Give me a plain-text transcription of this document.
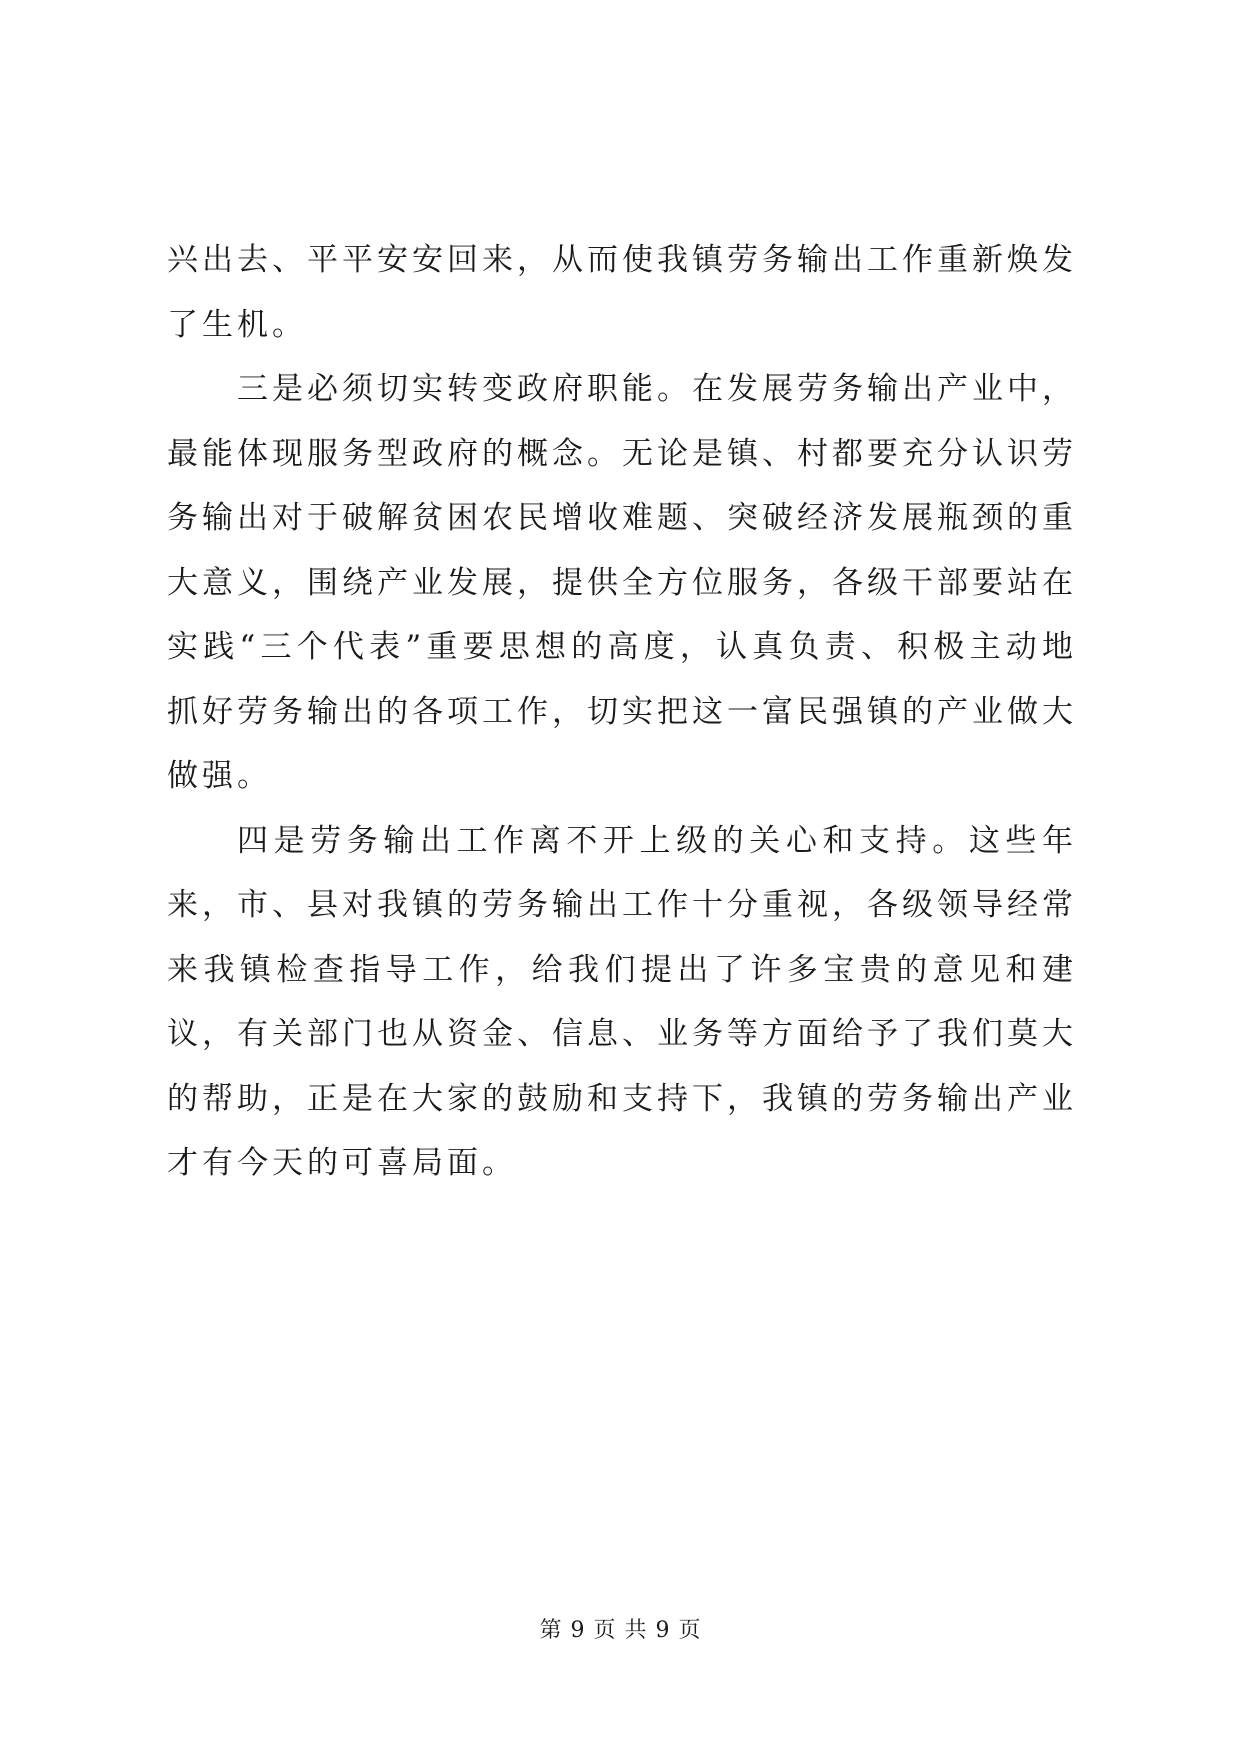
兴出去、平平安安回来，从而使我镇劳务输出工作重新焕发了生机。

三是必须切实转变政府职能。在发展劳务输出产业中，最能体现服务型政府的概念。无论是镇、村都要充分认识劳务输出对于破解贫困农民增收难题、突破经济发展瓶颈的重大意义，围绕产业发展，提供全方位服务，各级干部要站在实践“三个代表”重要思想的高度，认真负责、积极主动地抓好劳务输出的各项工作，切实把这一富民强镇的产业做大做强。

四是劳务输出工作离不开上级的关心和支持。这些年来，市、县对我镇的劳务输出工作十分重视，各级领导经常来我镇检查指导工作，给我们提出了许多宝贵的意见和建议，有关部门也从资金、信息、业务等方面给予了我们莫大的帮助，正是在大家的鼓励和支持下，我镇的劳务输出产业才有今天的可喜局面。

第 9 页 共 9 页
